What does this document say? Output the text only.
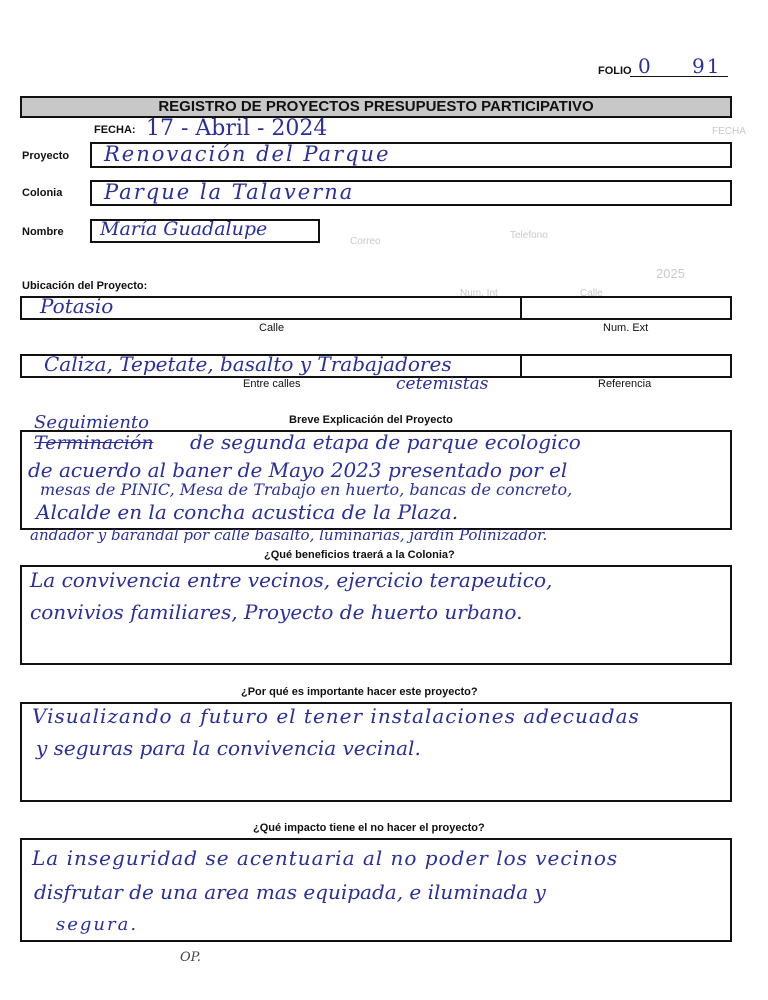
FOLIO 0 91
FECHA
Telefono
Correo
Calle
Num. Int
2025
REGISTRO DE PROYECTOS PRESUPUESTO PARTICIPATIVO
FECHA: 17 - Abril - 2024
Proyecto Renovación del Parque
Colonia Parque la Talaverna
Nombre María Guadalupe
Ubicación del Proyecto:
Potasio
Calle	Num. Ext
Caliza, Tepetate, basalto y Trabajadores
cetemistas
Entre calles	Referencia
Breve Explicación del Proyecto
Seguimiento
Terminación de segunda etapa de parque ecologico
de acuerdo al baner de Mayo 2023 presentado por el
mesas de PINIC, Mesa de Trabajo en huerto, bancas de concreto,
Alcalde en la concha acustica de la Plaza.
andador y barandal por calle basalto, luminarias, jardin Polinizador.
¿Qué beneficios traerá a la Colonia?
La convivencia entre vecinos, ejercicio terapeutico,
convivios familiares, Proyecto de huerto urbano.
¿Por qué es importante hacer este proyecto?
Visualizando a futuro el tener instalaciones adecuadas
y seguras para la convivencia vecinal.
¿Qué impacto tiene el no hacer el proyecto?
La inseguridad se acentuaria al no poder los vecinos
disfrutar de una area mas equipada, e iluminada y
segura.
OP.
